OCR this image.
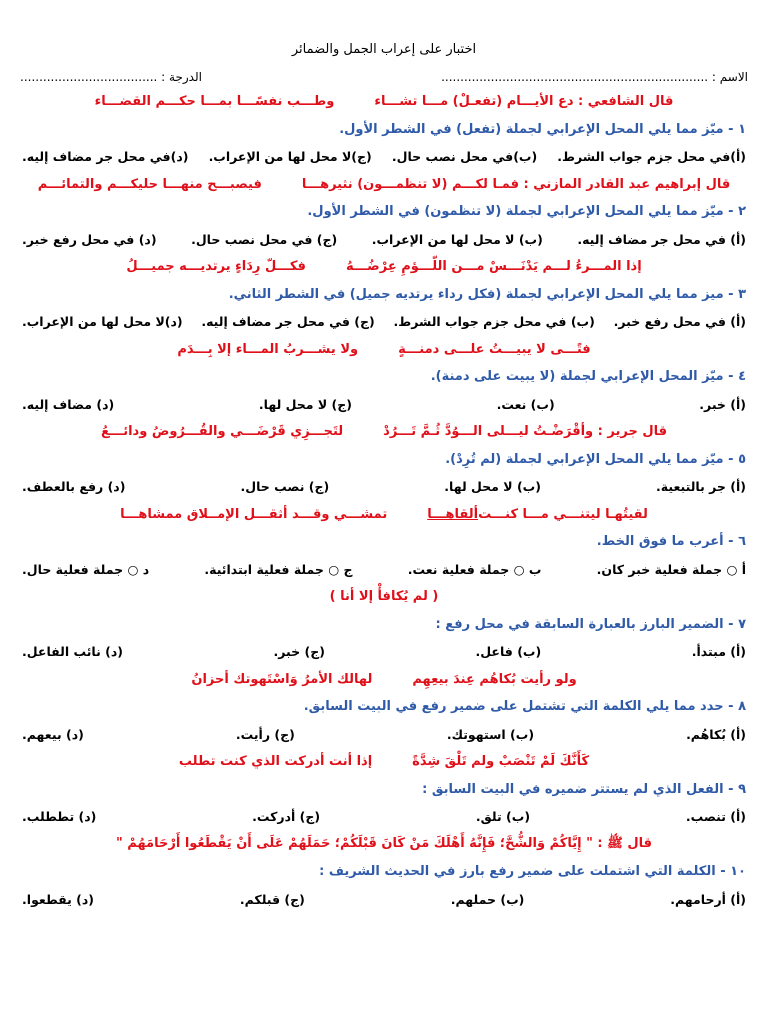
اختبار على إعراب الجمل والضمائر
الاسم : ......................................................................
الدرجة : ....................................
قال الشافعي : دع الأيـــام (تفعـلْ) مـــا تشـــاء
وطـــب نفسًـــا بمـــا حكـــم القضـــاء
١ - ميّز مما يلي المحل الإعرابي لجملة (تفعل) في الشطر الأول.
(أ)في محل جزم جواب الشرط.
(ب)في محل نصب حال.
(ج)لا محل لها من الإعراب.
(د)في محل جر مضاف إليه.
قال إبراهيم عبد القادر المازني : فمـا لكـــم (لا تنظمـــون) نثيرهـــا
فيصبـــح منهـــا حليكـــم والتمائـــم
٢ - ميّز مما يلي المحل الإعرابي لجملة (لا تنظمون) في الشطر الأول.
(أ) في محل جر مضاف إليه.
(ب) لا محل لها من الإعراب.
(ج) في محل نصب حال.
(د) في محل رفع خبر.
إذا المـــرءُ لـــم يَدْنَـــسْ مـــن اللّـــؤمِ عِرْضُـــهُ
فكـــلّ رِدَاءٍ يرتديـــه جميـــلُ
٣ - ميز مما يلي المحل الإعرابي لجملة (فكل رداء يرتديه جميل) في الشطر الثاني.
(أ) في محل رفع خبر.
(ب) في محل جزم جواب الشرط.
(ج) في محل جر مضاف إليه.
(د)لا محل لها من الإعراب.
فتًـــى لا يبيـــتُ علـــى دمنـــةٍ
ولا يشـــربُ المـــاء إلا بِـــدَم
٤ - ميّز المحل الإعرابي لجملة (لا يبيت على دمنة).
(أ) خبر.
(ب) نعت.
(ج) لا محل لها.
(د) مضاف إليه.
قال جرير : وأقْرَضْـتُ ليـــلى الـــوُدَّ ثُـمَّ تَـــرُدْ
لتَجـــزِي قَرْضَـــي والقُـــرُوضُ ودائـــعُ
٥ - ميّز مما يلي المحل الإعرابي لجملة (لم تُرِدْ).
(أ) جر بالتبعية.
(ب) لا محل لها.
(ج) نصب حال.
(د) رفع بالعطف.
لقيتُهـا ليتنـــي مـــا كنـــت
ألقاهـــا
تمشـــي وقـــد أثقـــل الإمــلاق ممشاهـــا
٦ - أعرب ما فوق الخط.
أ ○ جملة فعلية خبر كان.
ب ○ جملة فعلية نعت.
ج ○ جملة فعلية ابتدائية.
د ○ جملة فعلية حال.
( لم يُكافأْ إلا أنا )
٧ - الضمير البارز بالعبارة السابقة في محل رفع :
(أ) مبتدأ.
(ب) فاعل.
(ج) خبر.
(د) نائب الفاعل.
ولو رأيت بُكاهُم عِندَ بيعِهِم
لهالك الأمرُ وَاسْتَهوتك أحزانُ
٨ - حدد مما يلي الكلمة التي تشتمل على ضمير رفع في البيت السابق.
(أ) بُكاهُم.
(ب) استهوتك.
(ج) رأيت.
(د) بيعهم.
كَأَنَّكَ لَمْ تَنْصَبْ ولم تَلْقَ شِدَّةً
إذا أنت أدركت الذي كنت تطلب
٩ - الفعل الذي لم يستتر ضميره في البيت السابق :
(أ) تنصب.
(ب) تلق.
(ج) أدركت.
(د) تططلب.
قال ﷺ : " إِيَّاكُمْ وَالشُّحَّ؛ فَإِنَّهُ أَهْلَكَ مَنْ كَانَ قَبْلَكُمْ؛ حَمَلَهُمْ عَلَى أَنْ يَقْطَعُوا أَرْحَامَهُمْ "
١٠ - الكلمة التي اشتملت على ضمير رفع بارز في الحديث الشريف :
(أ) أرحامهم.
(ب) حملهم.
(ج) قبلكم.
(د) يقطعوا.
